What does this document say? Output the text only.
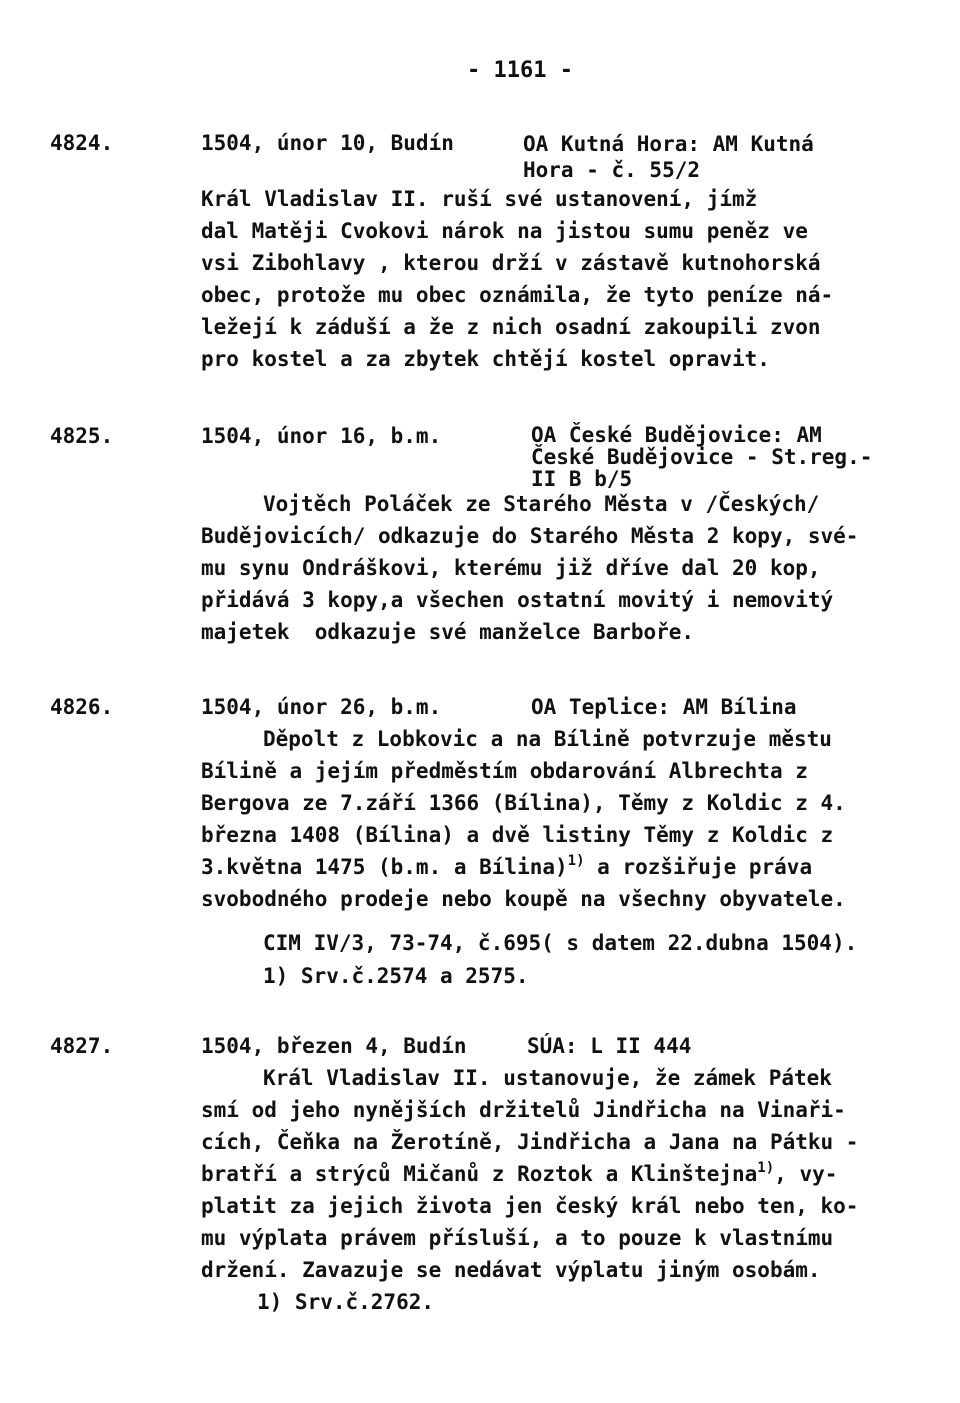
- 1161 -
4824.	1504, únor 10, Budín	OA Kutná Hora: AM Kutná
Hora - č. 55/2
Král Vladislav II. ruší své ustanovení, jímž
dal Matěji Cvokovi nárok na jistou sumu peněz ve
vsi Zibohlavy , kterou drží v zástavě kutnohorská
obec, protože mu obec oznámila, že tyto peníze ná-
ležejí k záduší a že z nich osadní zakoupili zvon
pro kostel a za zbytek chtějí kostel opravit.
4825.	1504, únor 16, b.m.	OA České Budějovice: AM
České Budějovice - St.reg.-
II B b/5
Vojtěch Poláček ze Starého Města v /Českých/
Budějovicích/ odkazuje do Starého Města 2 kopy, své-
mu synu Ondráškovi, kterému již dříve dal 20 kop,
přidává 3 kopy,a všechen ostatní movitý i nemovitý
majetek  odkazuje své manželce Barboře.
4826.	1504, únor 26, b.m.	OA Teplice: AM Bílina
Děpolt z Lobkovic a na Bílině potvrzuje městu
Bílině a jejím předměstím obdarování Albrechta z
Bergova ze 7.září 1366 (Bílina), Těmy z Koldic z 4.
března 1408 (Bílina) a dvě listiny Těmy z Koldic z
3.května 1475 (b.m. a Bílina)$^{1)}$ a rozšiřuje práva
svobodného prodeje nebo koupě na všechny obyvatele.
CIM IV/3, 73-74, č.695( s datem 22.dubna 1504).
1) Srv.č.2574 a 2575.
4827.	1504, březen 4, Budín	SÚA: L II 444
Král Vladislav II. ustanovuje, že zámek Pátek
smí od jeho nynějších držitelů Jindřicha na Vinaři-
cích, Čeňka na Žerotíně, Jindřicha a Jana na Pátku -
bratří a strýců Mičanů z Roztok a Klinštejna$^{1)}$, vy-
platit za jejich života jen český král nebo ten, ko-
mu výplata právem přísluší, a to pouze k vlastnímu
držení. Zavazuje se nedávat výplatu jiným osobám.
1) Srv.č.2762.
